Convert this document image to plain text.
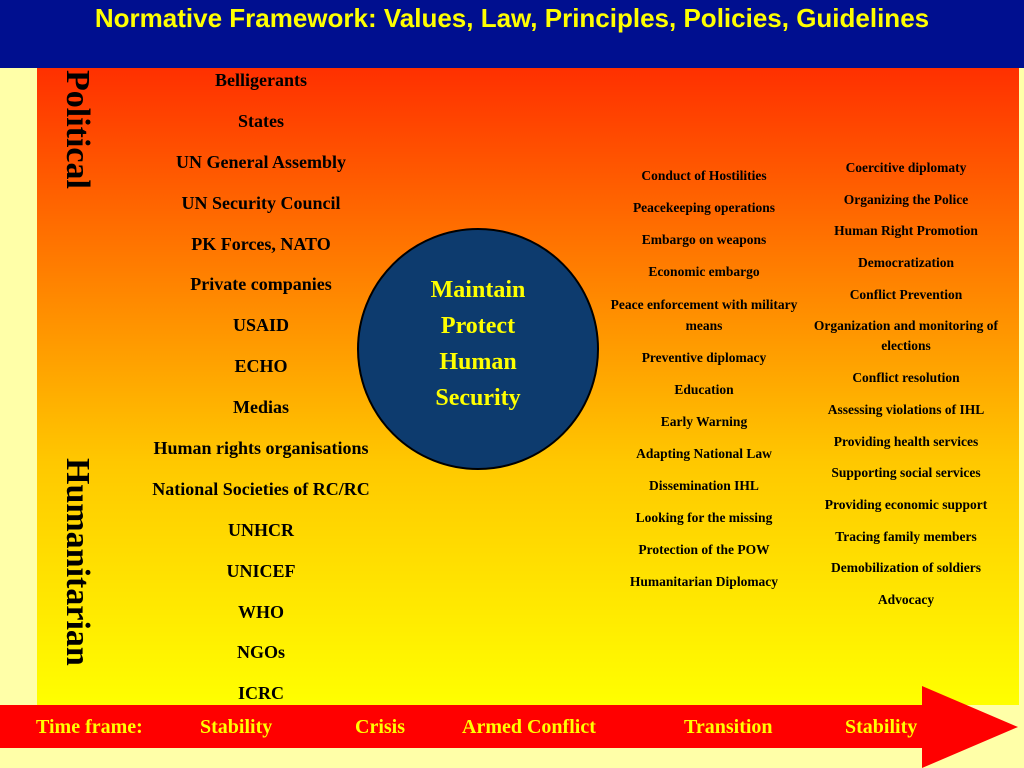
Normative Framework: Values, Law, Principles, Policies, Guidelines
Political
Humanitarian
Belligerants
States
UN General Assembly
UN Security Council
PK Forces, NATO
Private companies
USAID
ECHO
Medias
Human rights organisations
National Societies of RC/RC
UNHCR
UNICEF
WHO
NGOs
ICRC
Maintain
Protect
Human
Security
Conduct of Hostilities
Peacekeeping operations
Embargo on weapons
Economic embargo
Peace enforcement with military means
Preventive diplomacy
Education
Early Warning
Adapting National Law
Dissemination IHL
Looking for the missing
Protection of the POW
Humanitarian Diplomacy
Coercitive diplomaty
Organizing the Police
Human Right Promotion
Democratization
Conflict Prevention
Organization and monitoring of elections
Conflict resolution
Assessing violations of IHL
Providing health services
Supporting social services
Providing economic support
Tracing family members
Demobilization of soldiers
Advocacy
Time frame:	Stability	Crisis	Armed Conflict	Transition	Stability
